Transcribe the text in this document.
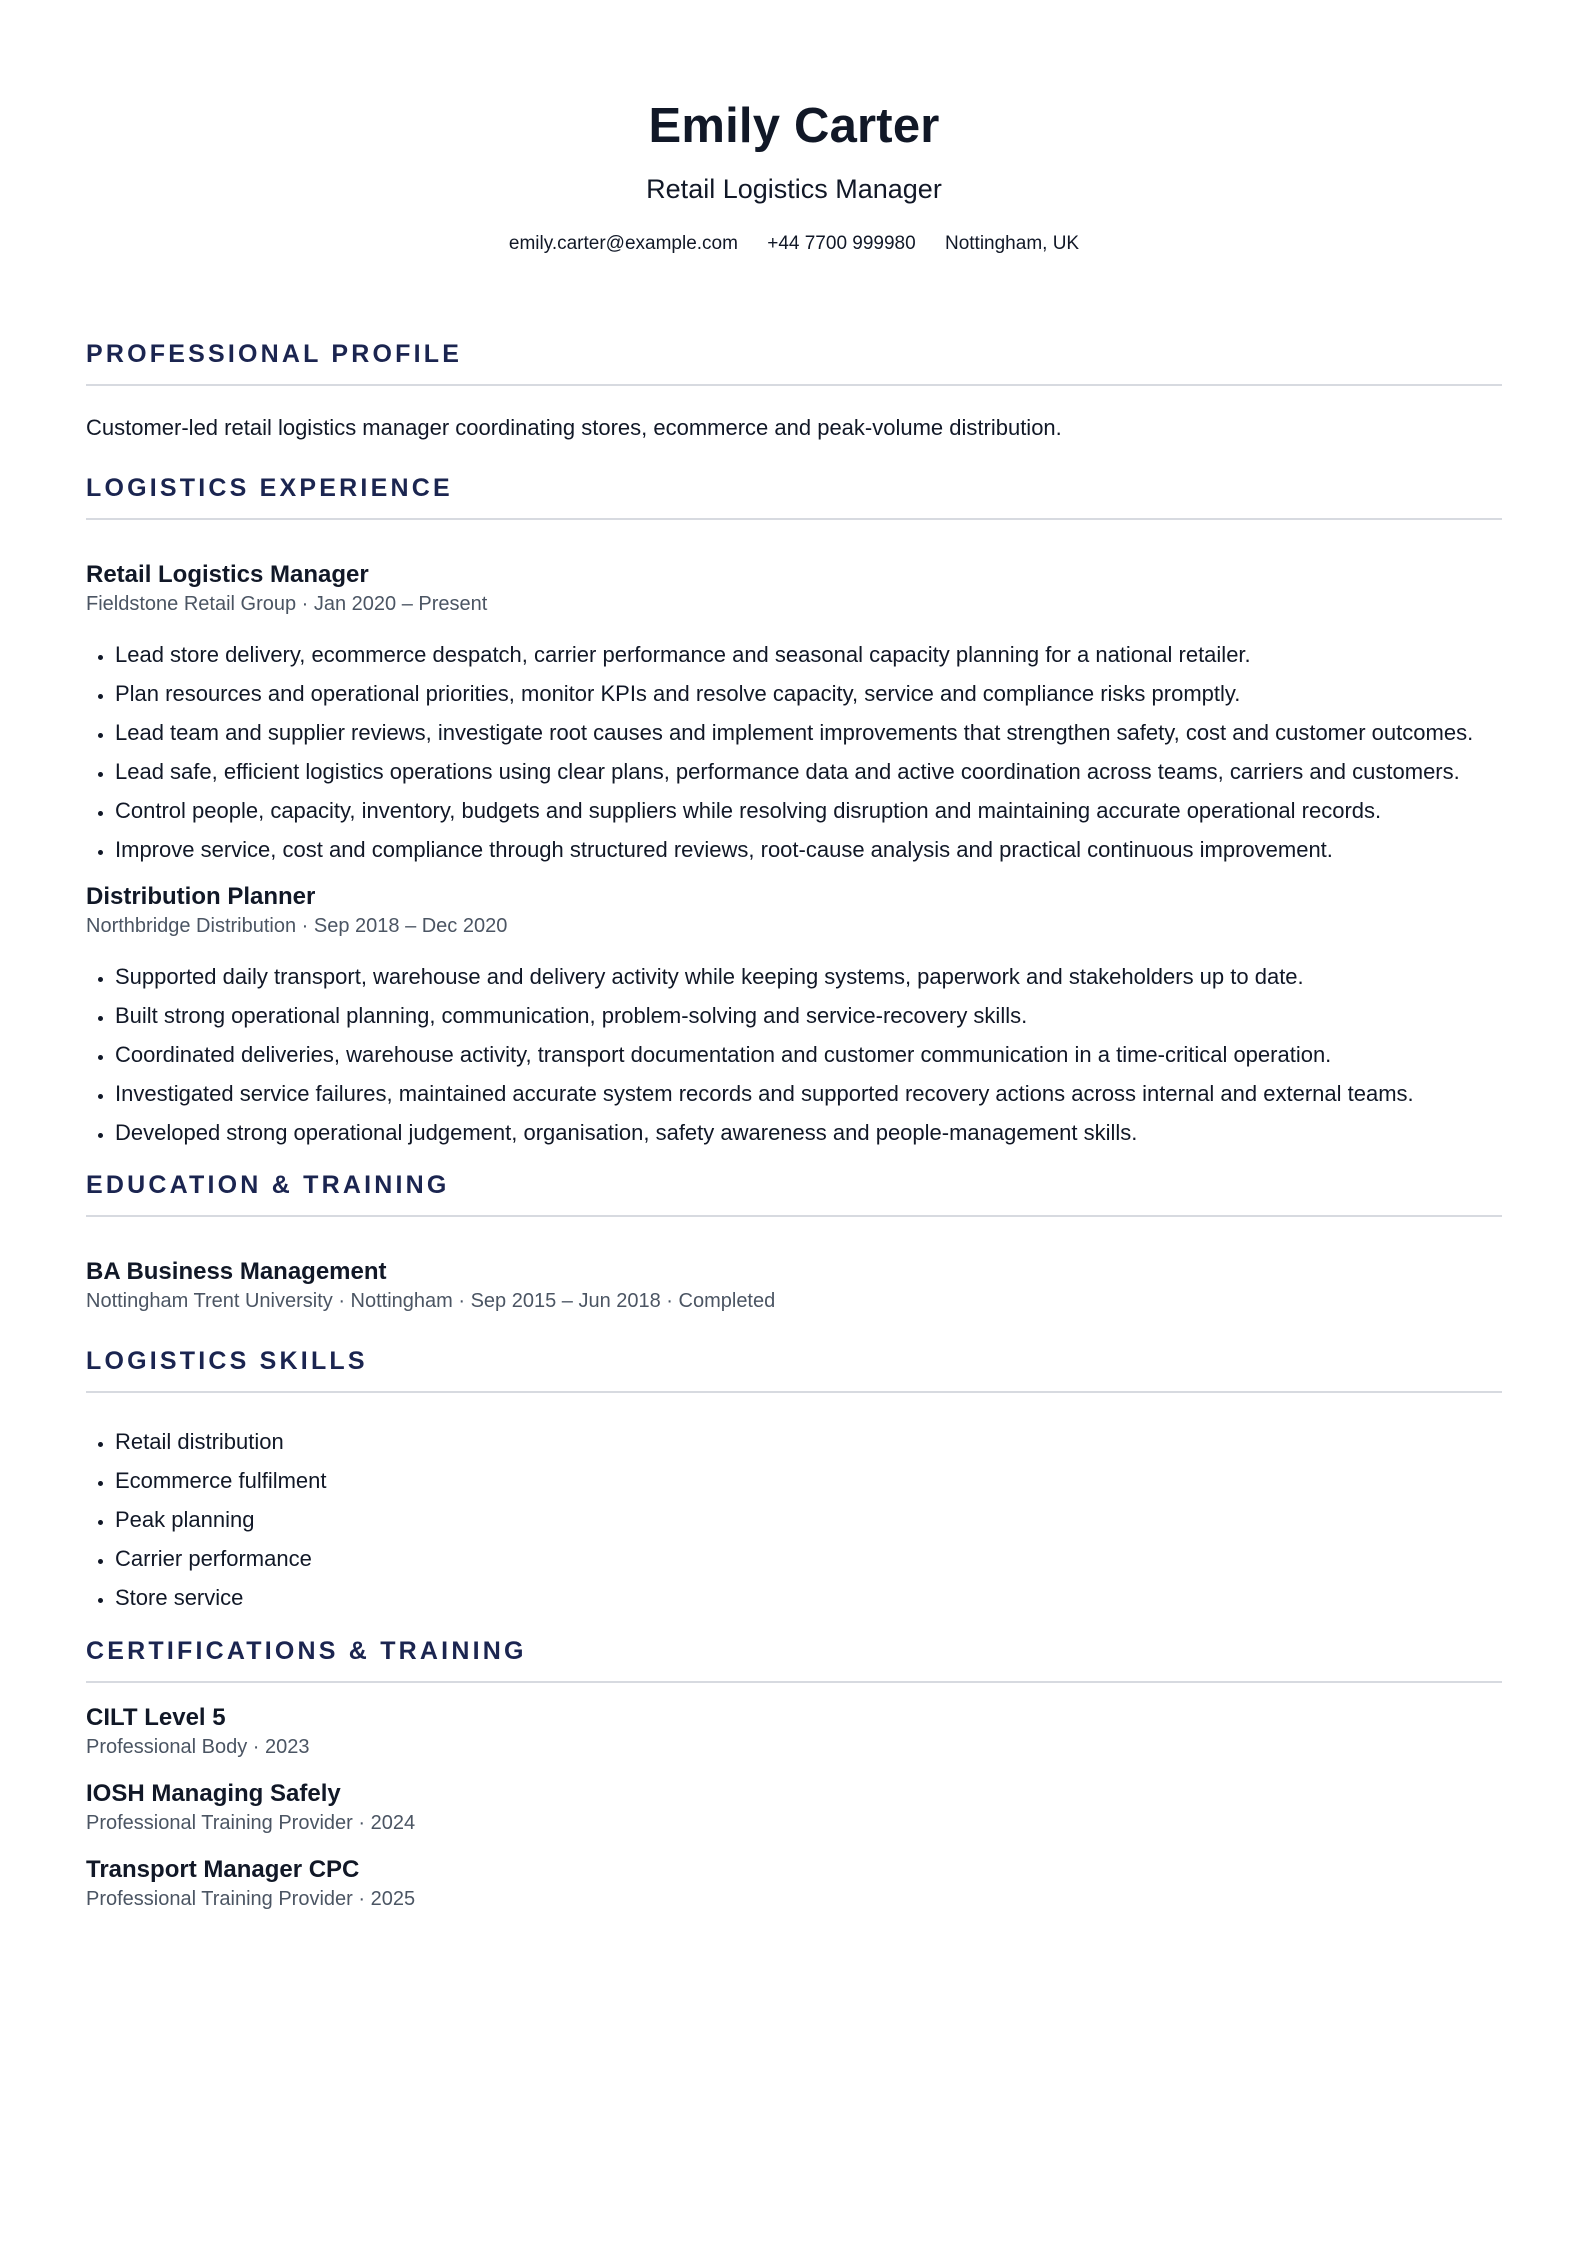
Emily Carter
Retail Logistics Manager
emily.carter@example.com +44 7700 999980 Nottingham, UK
PROFESSIONAL PROFILE
Customer-led retail logistics manager coordinating stores, ecommerce and peak-volume distribution.
LOGISTICS EXPERIENCE
Retail Logistics Manager
Fieldstone Retail Group · Jan 2020 – Present
• Lead store delivery, ecommerce despatch, carrier performance and seasonal capacity planning for a national retailer.
• Plan resources and operational priorities, monitor KPIs and resolve capacity, service and compliance risks promptly.
• Lead team and supplier reviews, investigate root causes and implement improvements that strengthen safety, cost and customer outcomes.
• Lead safe, efficient logistics operations using clear plans, performance data and active coordination across teams, carriers and customers.
• Control people, capacity, inventory, budgets and suppliers while resolving disruption and maintaining accurate operational records.
• Improve service, cost and compliance through structured reviews, root-cause analysis and practical continuous improvement.
Distribution Planner
Northbridge Distribution · Sep 2018 – Dec 2020
• Supported daily transport, warehouse and delivery activity while keeping systems, paperwork and stakeholders up to date.
• Built strong operational planning, communication, problem-solving and service-recovery skills.
• Coordinated deliveries, warehouse activity, transport documentation and customer communication in a time-critical operation.
• Investigated service failures, maintained accurate system records and supported recovery actions across internal and external teams.
• Developed strong operational judgement, organisation, safety awareness and people-management skills.
EDUCATION & TRAINING
BA Business Management
Nottingham Trent University · Nottingham · Sep 2015 – Jun 2018 · Completed
LOGISTICS SKILLS
• Retail distribution
• Ecommerce fulfilment
• Peak planning
• Carrier performance
• Store service
CERTIFICATIONS & TRAINING
CILT Level 5
Professional Body · 2023
IOSH Managing Safely
Professional Training Provider · 2024
Transport Manager CPC
Professional Training Provider · 2025
